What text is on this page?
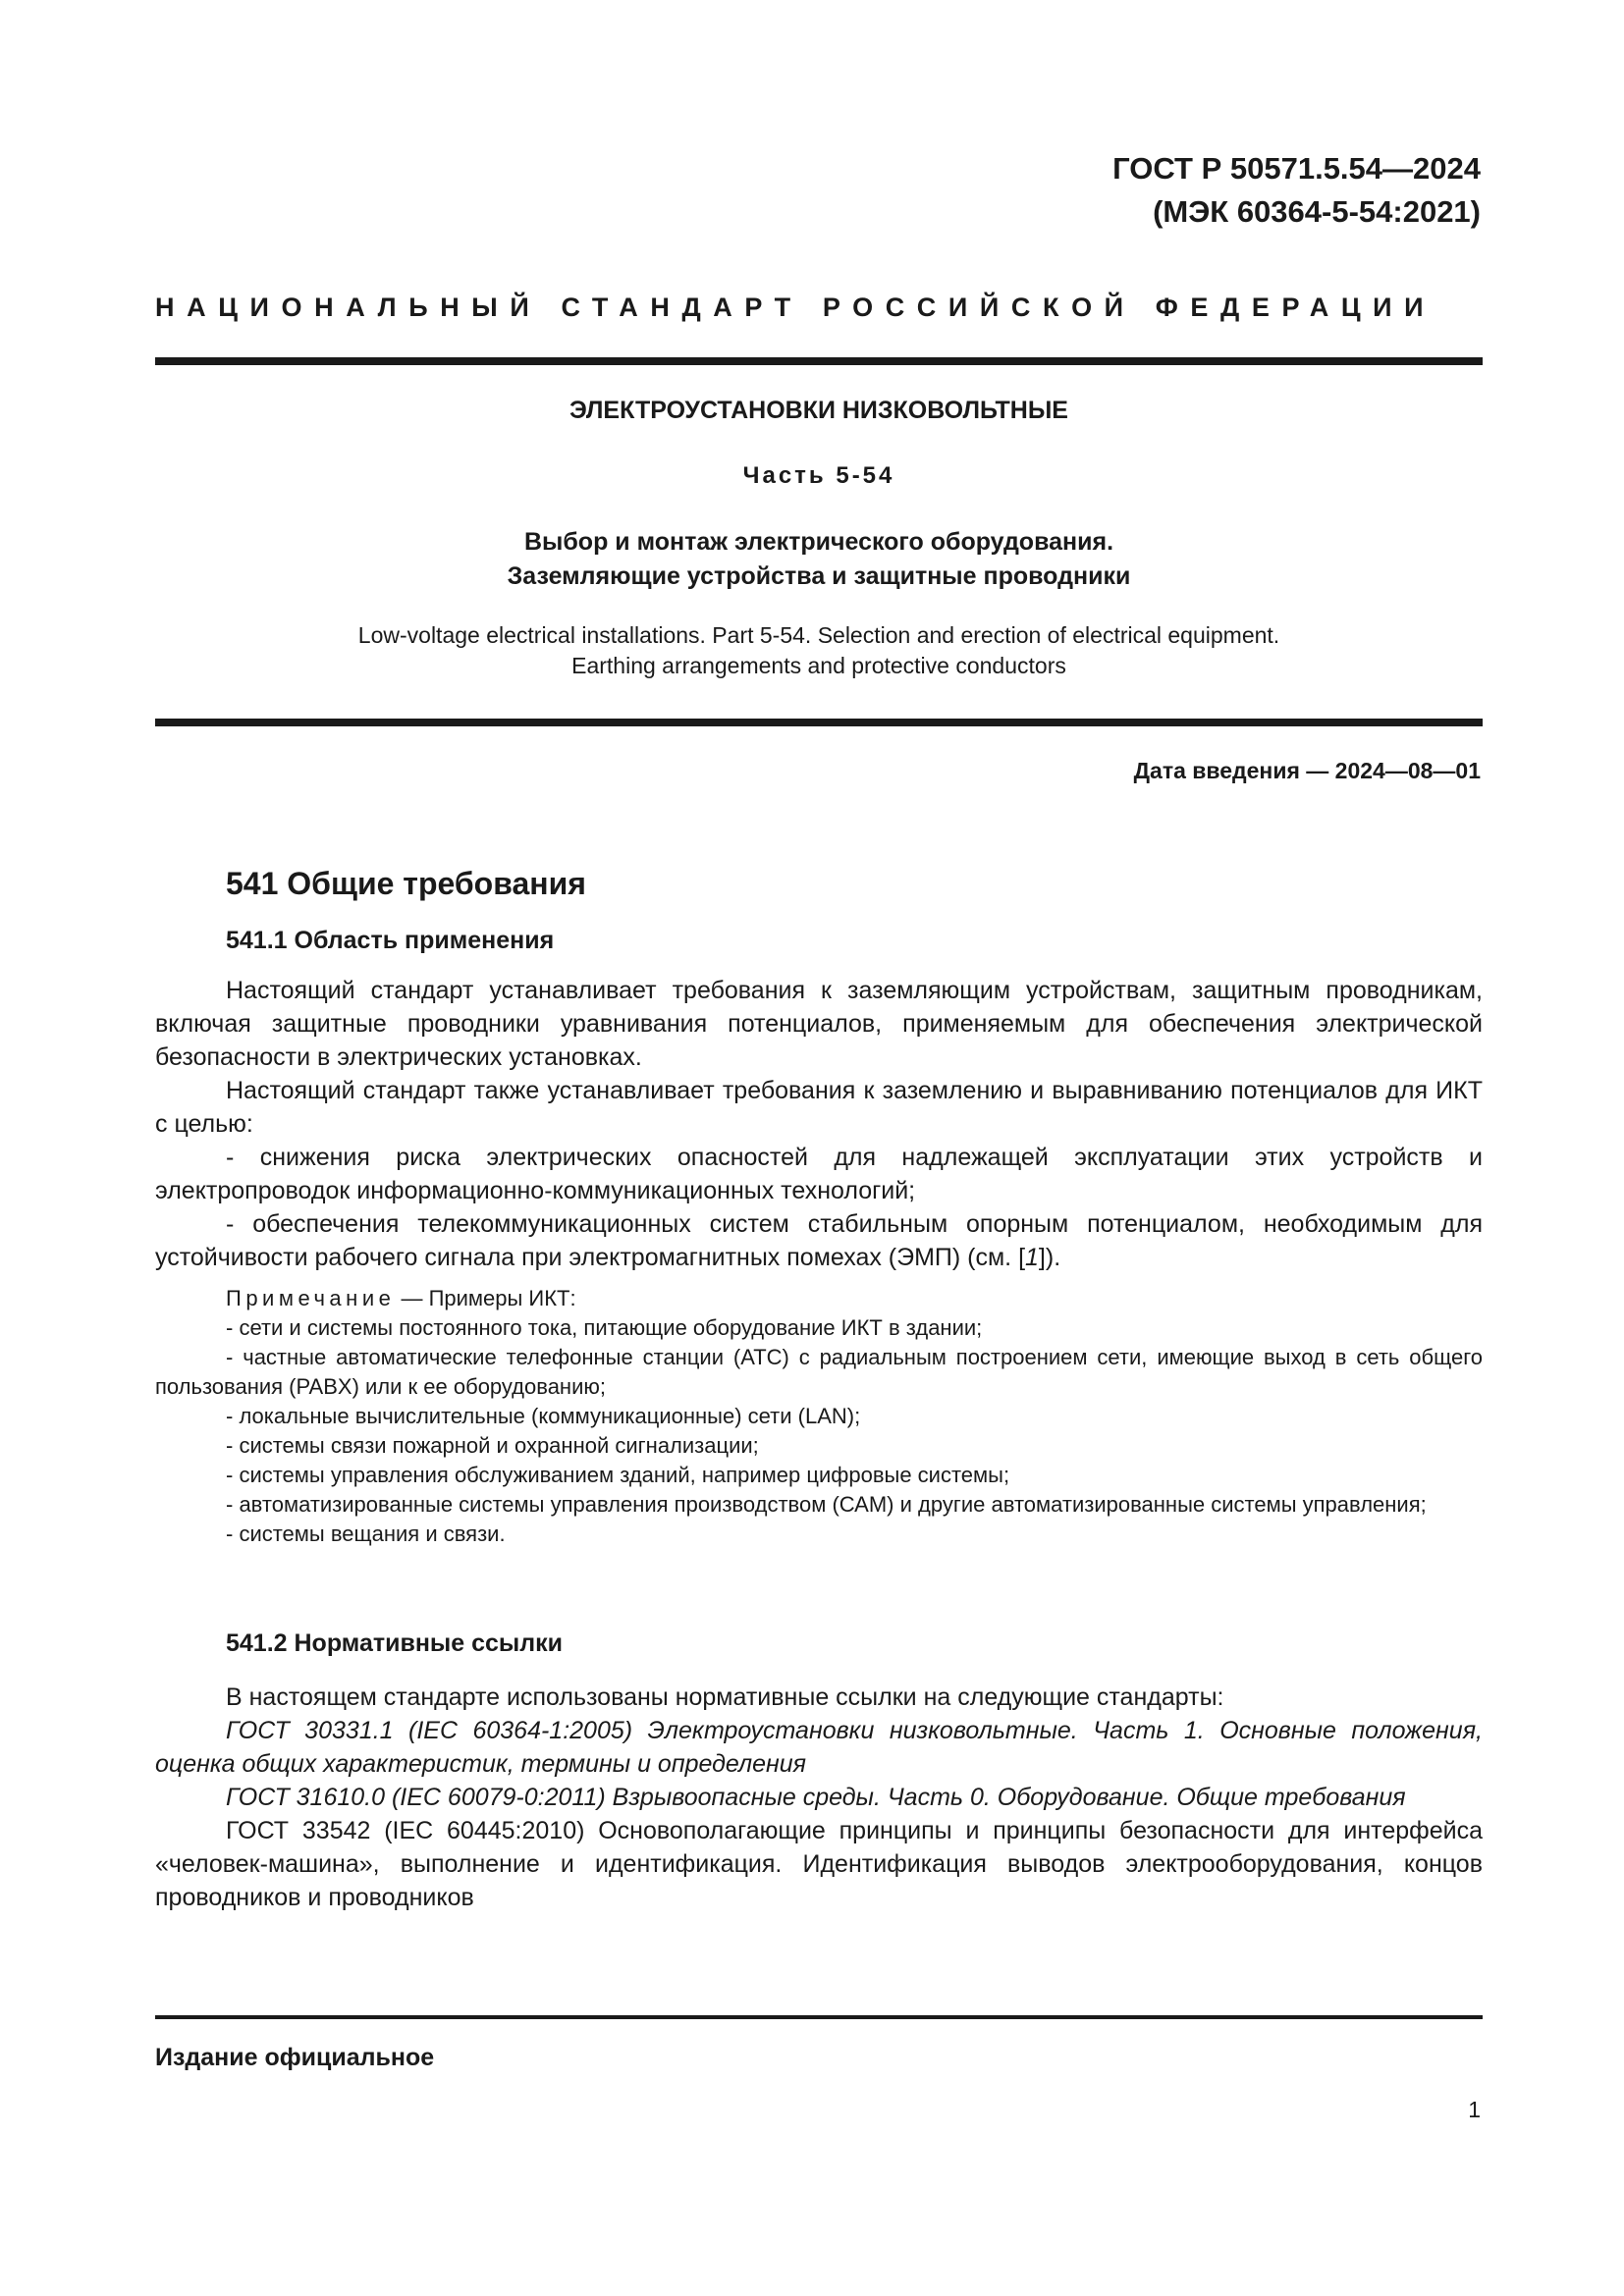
ГОСТ Р 50571.5.54—2024
(МЭК 60364-5-54:2021)
НАЦИОНАЛЬНЫЙ СТАНДАРТ РОССИЙСКОЙ ФЕДЕРАЦИИ
ЭЛЕКТРОУСТАНОВКИ НИЗКОВОЛЬТНЫЕ
Часть 5-54
Выбор и монтаж электрического оборудования.
Заземляющие устройства и защитные проводники
Low-voltage electrical installations. Part 5-54. Selection and erection of electrical equipment.
Earthing arrangements and protective conductors
Дата введения — 2024—08—01
541 Общие требования
541.1 Область применения

Настоящий стандарт устанавливает требования к заземляющим устройствам, защитным проводникам, включая защитные проводники уравнивания потенциалов, применяемым для обеспечения электрической безопасности в электрических установках.

Настоящий стандарт также устанавливает требования к заземлению и выравниванию потенциалов для ИКТ с целью:

- снижения риска электрических опасностей для надлежащей эксплуатации этих устройств и электропроводок информационно-коммуникационных технологий;

- обеспечения телекоммуникационных систем стабильным опорным потенциалом, необходимым для устойчивости рабочего сигнала при электромагнитных помехах (ЭМП) (см. [1]).

Примечание — Примеры ИКТ:

- сети и системы постоянного тока, питающие оборудование ИКТ в здании;

- частные автоматические телефонные станции (АТС) с радиальным построением сети, имеющие выход в сеть общего пользования (PABX) или к ее оборудованию;

- локальные вычислительные (коммуникационные) сети (LAN);

- системы связи пожарной и охранной сигнализации;

- системы управления обслуживанием зданий, например цифровые системы;

- автоматизированные системы управления производством (САМ) и другие автоматизированные системы управления;

- системы вещания и связи.

541.2 Нормативные ссылки

В настоящем стандарте использованы нормативные ссылки на следующие стандарты:

ГОСТ 30331.1 (IEC 60364-1:2005) Электроустановки низковольтные. Часть 1. Основные положения, оценка общих характеристик, термины и определения

ГОСТ 31610.0 (IEC 60079-0:2011) Взрывоопасные среды. Часть 0. Оборудование. Общие требования

ГОСТ 33542 (IEC 60445:2010) Основополагающие принципы и принципы безопасности для интерфейса «человек-машина», выполнение и идентификация. Идентификация выводов электрооборудования, концов проводников и проводников

Издание официальное
1
